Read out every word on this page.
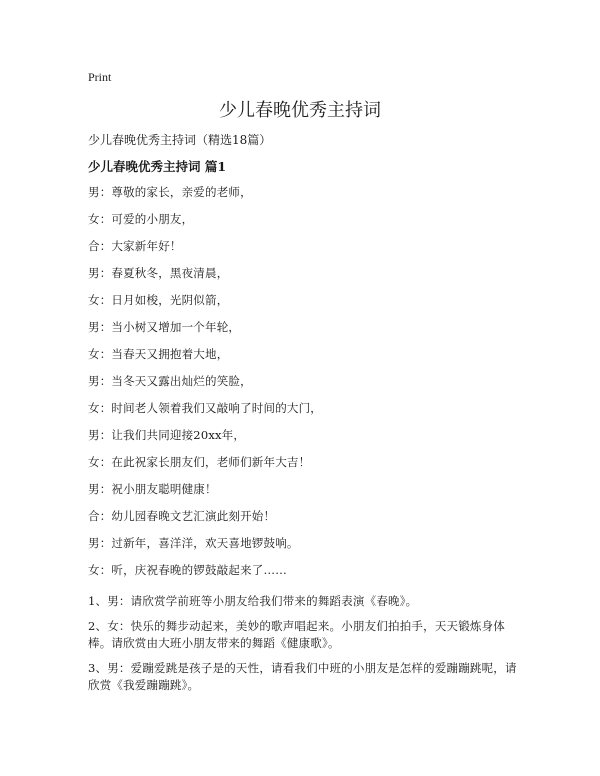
Print
少儿春晚优秀主持词

少儿春晚优秀主持词（精选18篇）

少儿春晚优秀主持词 篇1
男：尊敬的家长，亲爱的老师，
女：可爱的小朋友，
合：大家新年好！
男：春夏秋冬，黑夜清晨，
女：日月如梭，光阴似箭，
男：当小树又增加一个年轮，
女：当春天又拥抱着大地，
男：当冬天又露出灿烂的笑脸，
女：时间老人领着我们又敲响了时间的大门，
男：让我们共同迎接20xx年，
女：在此祝家长朋友们，老师们新年大吉！
男：祝小朋友聪明健康！
合：幼儿园春晚文艺汇演此刻开始！
男：过新年，喜洋洋，欢天喜地锣鼓响。
女：听，庆祝春晚的锣鼓敲起来了……
1、男：请欣赏学前班等小朋友给我们带来的舞蹈表演《春晚》。
2、女：快乐的舞步动起来，美妙的歌声唱起来。小朋友们拍拍手，天天锻炼身体棒。请欣赏由大班小朋友带来的舞蹈《健康歌》。
3、男：爱蹦爱跳是孩子是的天性，请看我们中班的小朋友是怎样的爱蹦蹦跳呢，请欣赏《我爱蹦蹦跳》。
